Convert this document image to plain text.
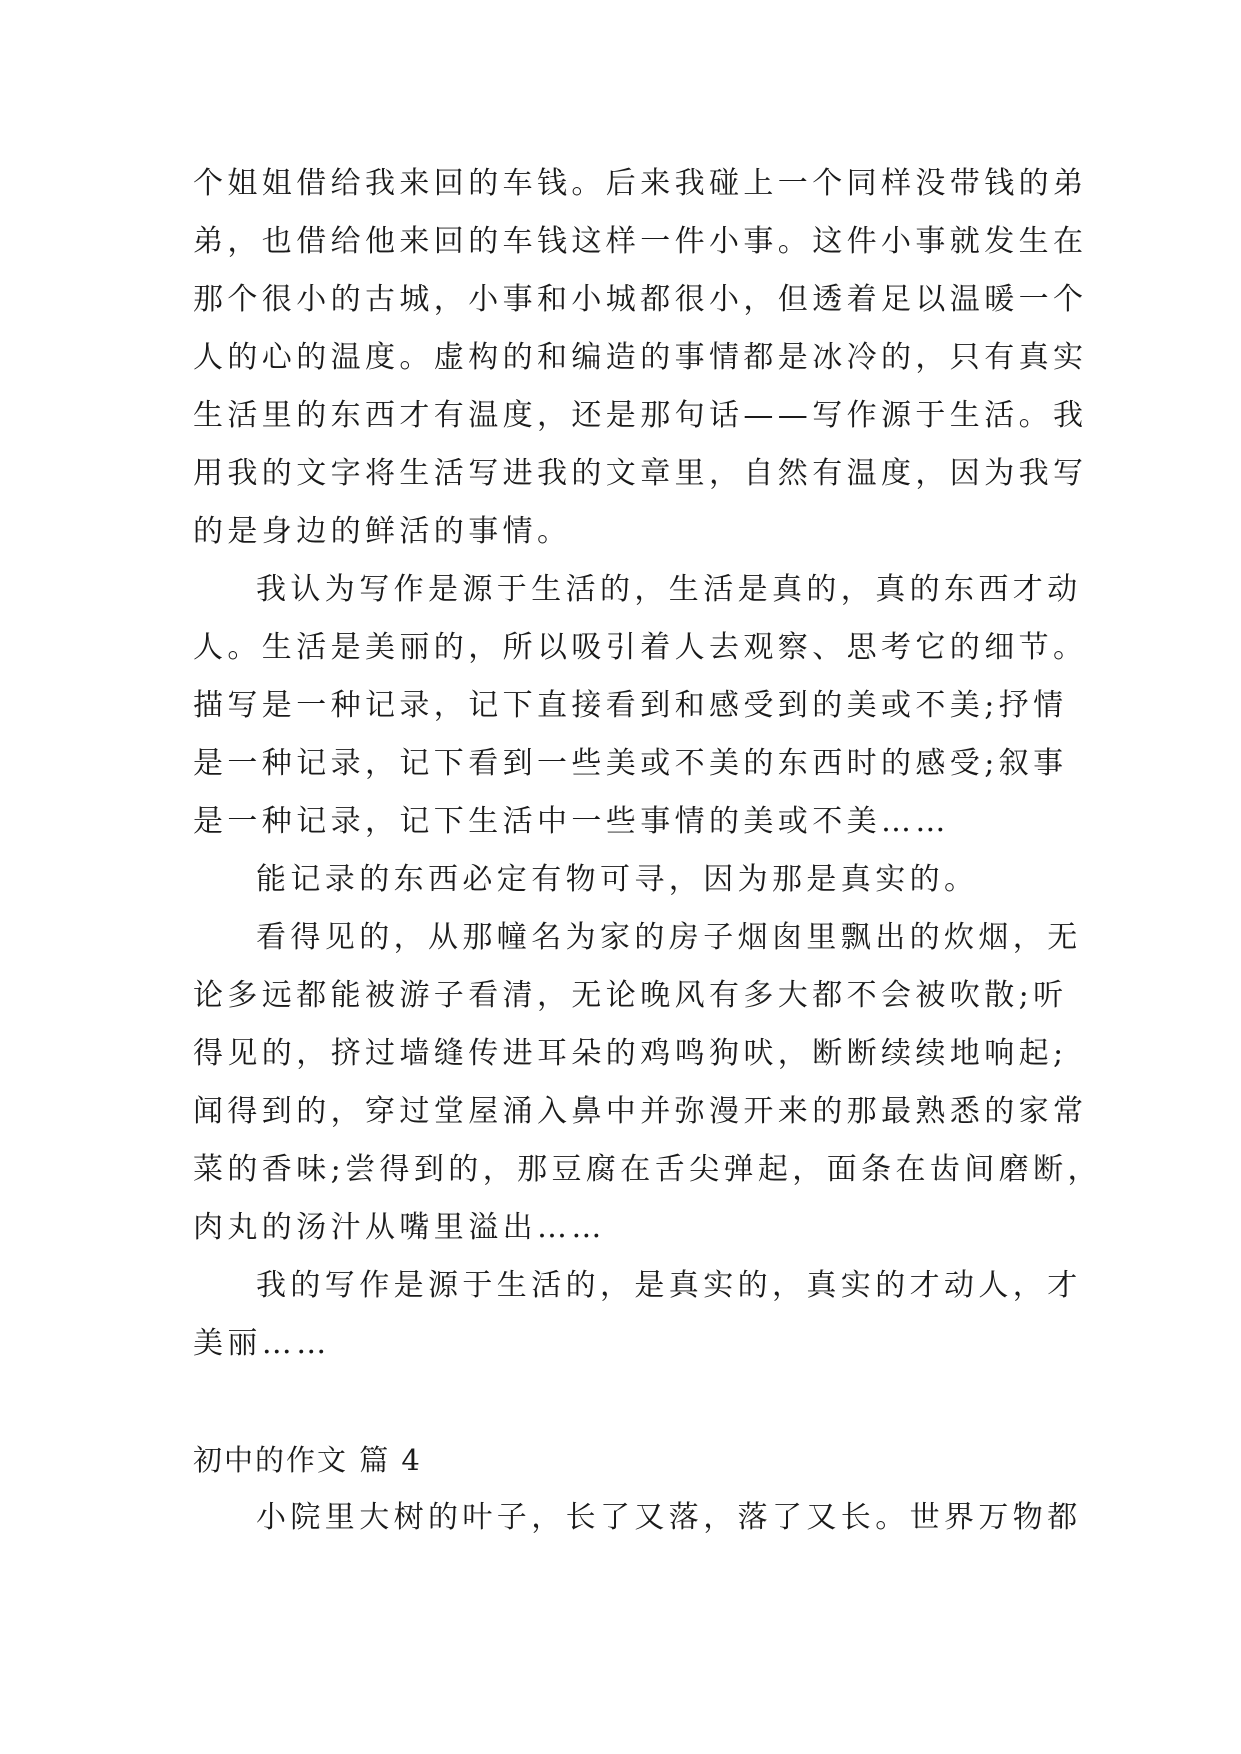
个姐姐借给我来回的车钱。后来我碰上一个同样没带钱的弟
弟，也借给他来回的车钱这样一件小事。这件小事就发生在
那个很小的古城，小事和小城都很小，但透着足以温暖一个
人的心的温度。虚构的和编造的事情都是冰冷的，只有真实
生活里的东西才有温度，还是那句话——写作源于生活。我
用我的文字将生活写进我的文章里，自然有温度，因为我写
的是身边的鲜活的事情。
我认为写作是源于生活的，生活是真的，真的东西才动
人。生活是美丽的，所以吸引着人去观察、思考它的细节。
描写是一种记录，记下直接看到和感受到的美或不美;抒情
是一种记录，记下看到一些美或不美的东西时的感受;叙事
是一种记录，记下生活中一些事情的美或不美……
能记录的东西必定有物可寻，因为那是真实的。
看得见的，从那幢名为家的房子烟囱里飘出的炊烟，无
论多远都能被游子看清，无论晚风有多大都不会被吹散;听
得见的，挤过墙缝传进耳朵的鸡鸣狗吠，断断续续地响起;
闻得到的，穿过堂屋涌入鼻中并弥漫开来的那最熟悉的家常
菜的香味;尝得到的，那豆腐在舌尖弹起，面条在齿间磨断，
肉丸的汤汁从嘴里溢出……
我的写作是源于生活的，是真实的，真实的才动人，才
美丽……
初中的作文 篇 4
小院里大树的叶子，长了又落，落了又长。世界万物都
